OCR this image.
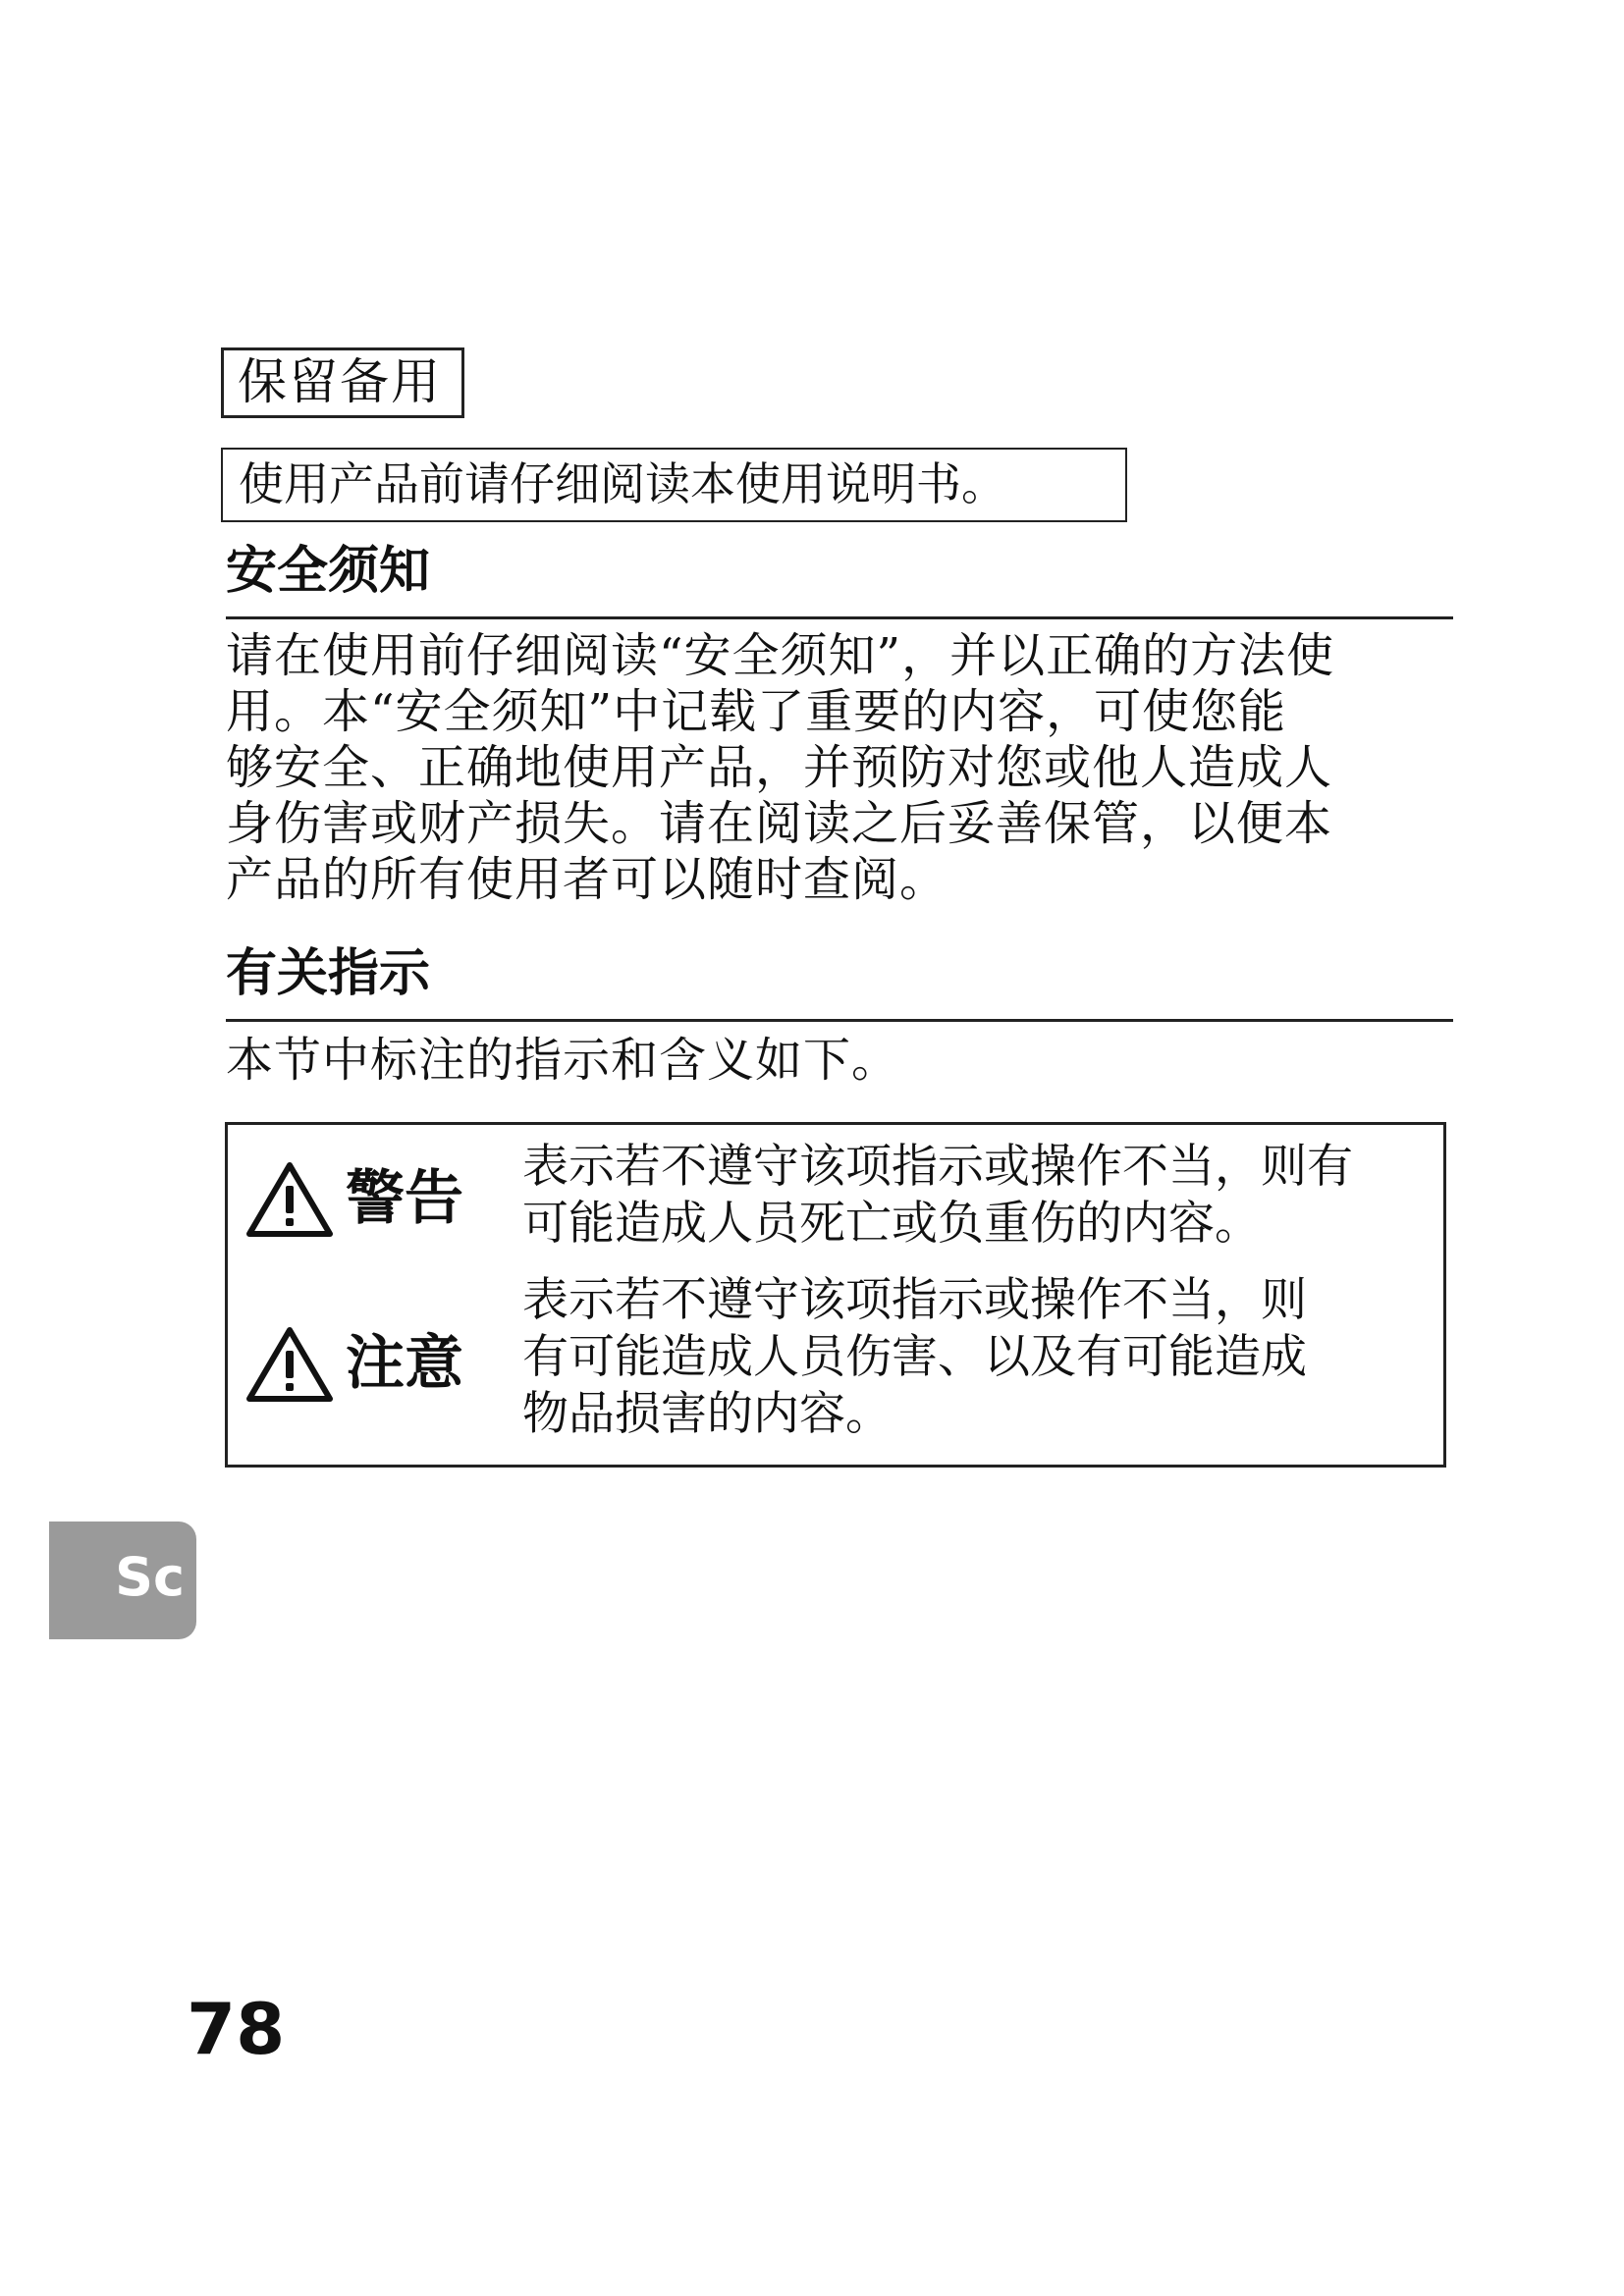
保留备用
使用产品前请仔细阅读本使用说明书。
安全须知
请在使用前仔细阅读“安全须知”，并以正确的方法使
用。本“安全须知”中记载了重要的内容，可使您能
够安全、正确地使用产品，并预防对您或他人造成人
身伤害或财产损失。请在阅读之后妥善保管，以便本
产品的所有使用者可以随时查阅。
有关指示
本节中标注的指示和含义如下。
警告 表示若不遵守该项指示或操作不当，则有
可能造成人员死亡或负重伤的内容。
注意
表示若不遵守该项指示或操作不当，则
有可能造成人员伤害、以及有可能造成
物品损害的内容。
Sc
78
